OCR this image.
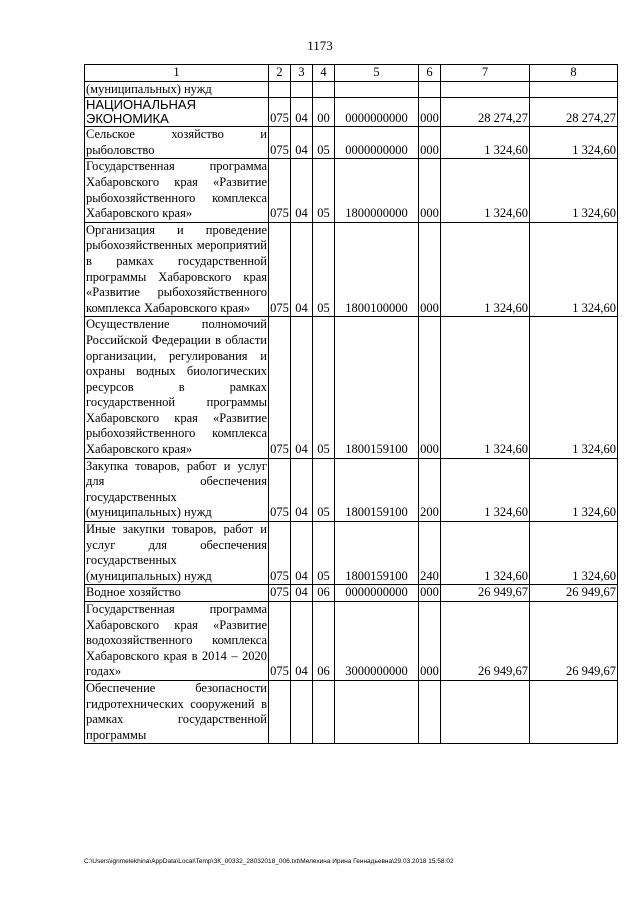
1173
1	2	3	4	5	6	7	8
(муниципальных) нужд							
НАЦИОНАЛЬНАЯ ЭКОНОМИКА	075	04	00	0000000000	000	28 274,27	28 274,27
Сельское хозяйство и рыболовство	075	04	05	0000000000	000	1 324,60	1 324,60
Государственная программа Хабаровского края «Развитие рыбохозяйственного комплекса Хабаровского края»	075	04	05	1800000000	000	1 324,60	1 324,60
Организация и проведение рыбохозяйственных мероприятий в рамках государственной программы Хабаровского края «Развитие рыбохозяйственного комплекса Хабаровского края»	075	04	05	1800100000	000	1 324,60	1 324,60
Осуществление полномочий Российской Федерации в области организации, регулирования и охраны водных биологических ресурсов в рамках государственной программы Хабаровского края «Развитие рыбохозяйственного комплекса Хабаровского края»	075	04	05	1800159100	000	1 324,60	1 324,60
Закупка товаров, работ и услуг для обеспечения государственных (муниципальных) нужд	075	04	05	1800159100	200	1 324,60	1 324,60
Иные закупки товаров, работ и услуг для обеспечения государственных (муниципальных) нужд	075	04	05	1800159100	240	1 324,60	1 324,60
Водное хозяйство	075	04	06	0000000000	000	26 949,67	26 949,67
Государственная программа Хабаровского края «Развитие водохозяйственного комплекса Хабаровского края в 2014 – 2020 годах»	075	04	06	3000000000	000	26 949,67	26 949,67
Обеспечение безопасности гидротехнических сооружений в рамках государственной программы							
C:\Users\ignmelekhina\AppData\Local\Temp\ЗК_00332_28032018_006.txt\Мелехина Ирина Геннадьевна\29.03.2018 15:58:02
